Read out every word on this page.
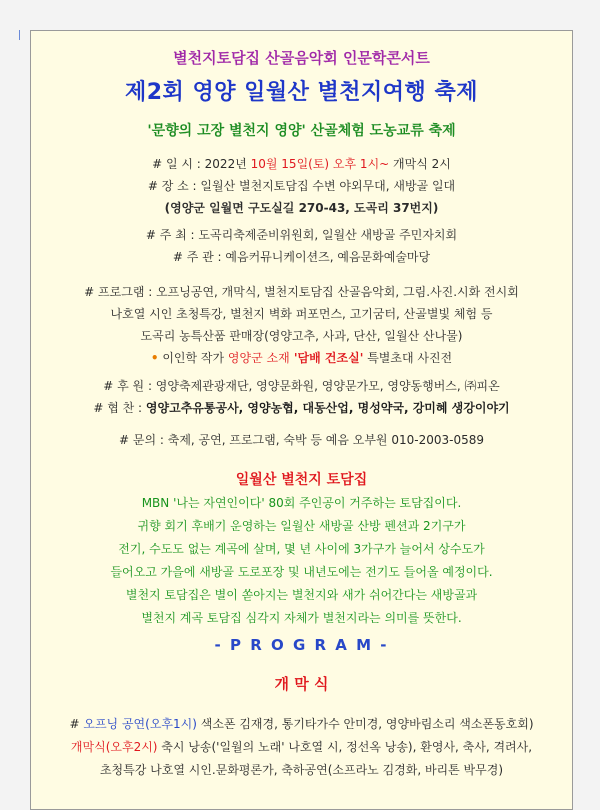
별천지토담집 산골음악회 인문학콘서트
제2회 영양 일월산 별천지여행 축제
'문향의 고장 별천지 영양' 산골체험 도농교류 축제
# 일 시 : 2022년 10월 15일(토) 오후 1시~ 개막식 2시
# 장 소 : 일월산 별천지토담집 수변 야외무대, 새방골 일대
(영양군 일월면 구도실길 270-43, 도곡리 37번지)
# 주 최 : 도곡리축제준비위원회, 일월산 새방골 주민자치회
# 주 관 : 예음커뮤니케이션즈, 예음문화예술마당
# 프로그램 : 오프닝공연, 개막식, 별천지토담집 산골음악회, 그림.사진.시화 전시회
나호열 시인 초청특강, 별천지 벽화 퍼포먼스, 고기굼터, 산골별빛 체험 등
도곡리 농특산품 판매장(영양고추, 사과, 단산, 일월산 산나물)
• 이인학 작가 영양군 소재 '담배 건조실' 특별초대 사진전
# 후 원 : 영양축제관광재단, 영양문화원, 영양문가모, 영양동행버스, ㈜피온
# 협 찬 : 영양고추유통공사, 영양농협, 대동산업, 명성약국, 강미혜 생강이야기
# 문의 : 축제, 공연, 프로그램, 숙박 등 예음 오부원 010-2003-0589
일월산 별천지 토담집
MBN '나는 자연인이다' 80회 주인공이 거주하는 토담집이다.
귀향 회기 후배기 운영하는 일월산 새방골 산방 펜션과 2기구가
전기, 수도도 없는 계곡에 살며, 몇 년 사이에 3가구가 늘어서 상수도가
들어오고 가을에 새방골 도로포장 및 내년도에는 전기도 들어올 예정이다.
별천지 토담집은 별이 쏟아지는 별천지와 새가 쉬어간다는 새방골과
별천지 계곡 토담집 심각지 자체가 별천지라는 의미를 뜻한다.
- P R O G R A M -
개 막 식
# 오프닝 공연(오후1시) 색소폰 김재경, 통기타가수 안미경, 영양바림소리 색소폰동호회)
개막식(오후2시) 축시 낭송('일월의 노래' 나호열 시, 정선옥 낭송), 환영사, 축사, 격려사,
초청특강 나호열 시인.문화평론가, 축하공연(소프라노 김경화, 바리톤 박무경)
